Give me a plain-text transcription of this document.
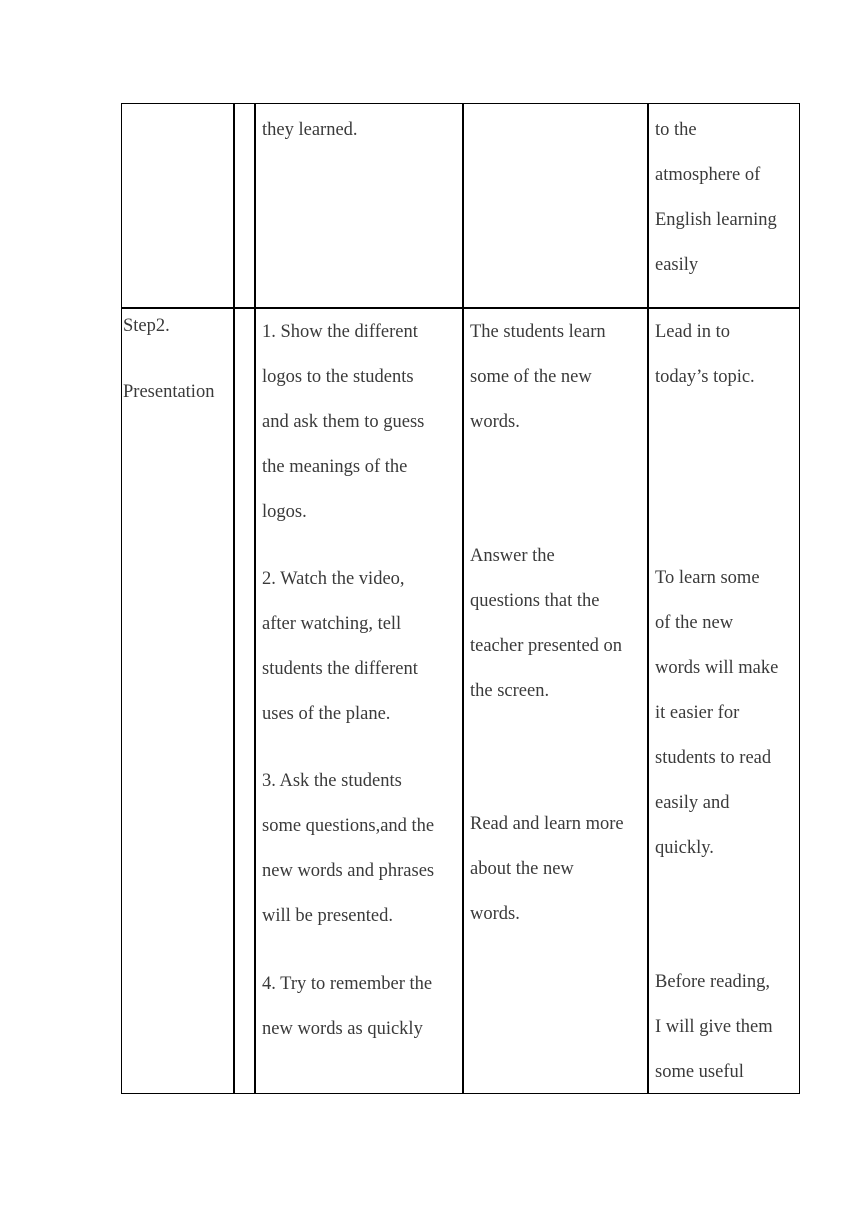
they learned.	to the
atmosphere of
English learning
easily
Step2.

Presentation
1. Show the different
logos to the students
and ask them to guess
the meanings of the
logos.
2. Watch the video,
after watching, tell
students the different
uses of the plane.
3. Ask the students
some questions,and the
new words and phrases
will be presented.
4. Try to remember the
new words as quickly
The students learn
some of the new
words.
Answer the
questions that the
teacher presented on
the screen.
Read and learn more
about the new
words.
Lead in to
today’s topic.
To learn some
of the new
words will make
it easier for
students to read
easily and
quickly.
Before reading,
I will give them
some useful
